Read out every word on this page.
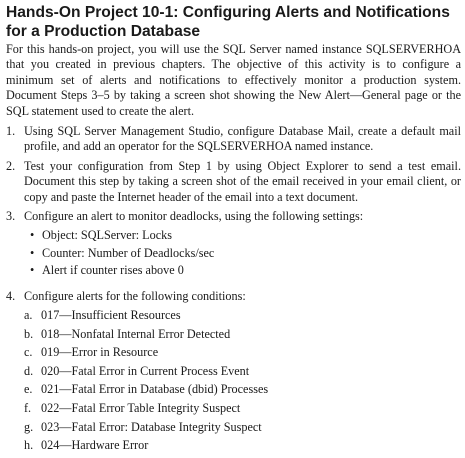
Hands-On Project 10-1: Configuring Alerts and Notifications for a Production Database

For this hands-on project, you will use the SQL Server named instance SQLSERVERHOA that you created in previous chapters. The objective of this activity is to configure a minimum set of alerts and notifications to effectively monitor a production system. Document Steps 3–5 by taking a screen shot showing the New Alert—General page or the SQL statement used to create the alert.

1. Using SQL Server Management Studio, configure Database Mail, create a default mail profile, and add an operator for the SQLSERVERHOA named instance.
2. Test your configuration from Step 1 by using Object Explorer to send a test email. Document this step by taking a screen shot of the email received in your email client, or copy and paste the Internet header of the email into a text document.
3. Configure an alert to monitor deadlocks, using the following settings:
• Object: SQLServer: Locks
• Counter: Number of Deadlocks/sec
• Alert if counter rises above 0
4. Configure alerts for the following conditions:
a. 017—Insufficient Resources
b. 018—Nonfatal Internal Error Detected
c. 019—Error in Resource
d. 020—Fatal Error in Current Process Event
e. 021—Fatal Error in Database (dbid) Processes
f. 022—Fatal Error Table Integrity Suspect
g. 023—Fatal Error: Database Integrity Suspect
h. 024—Hardware Error
